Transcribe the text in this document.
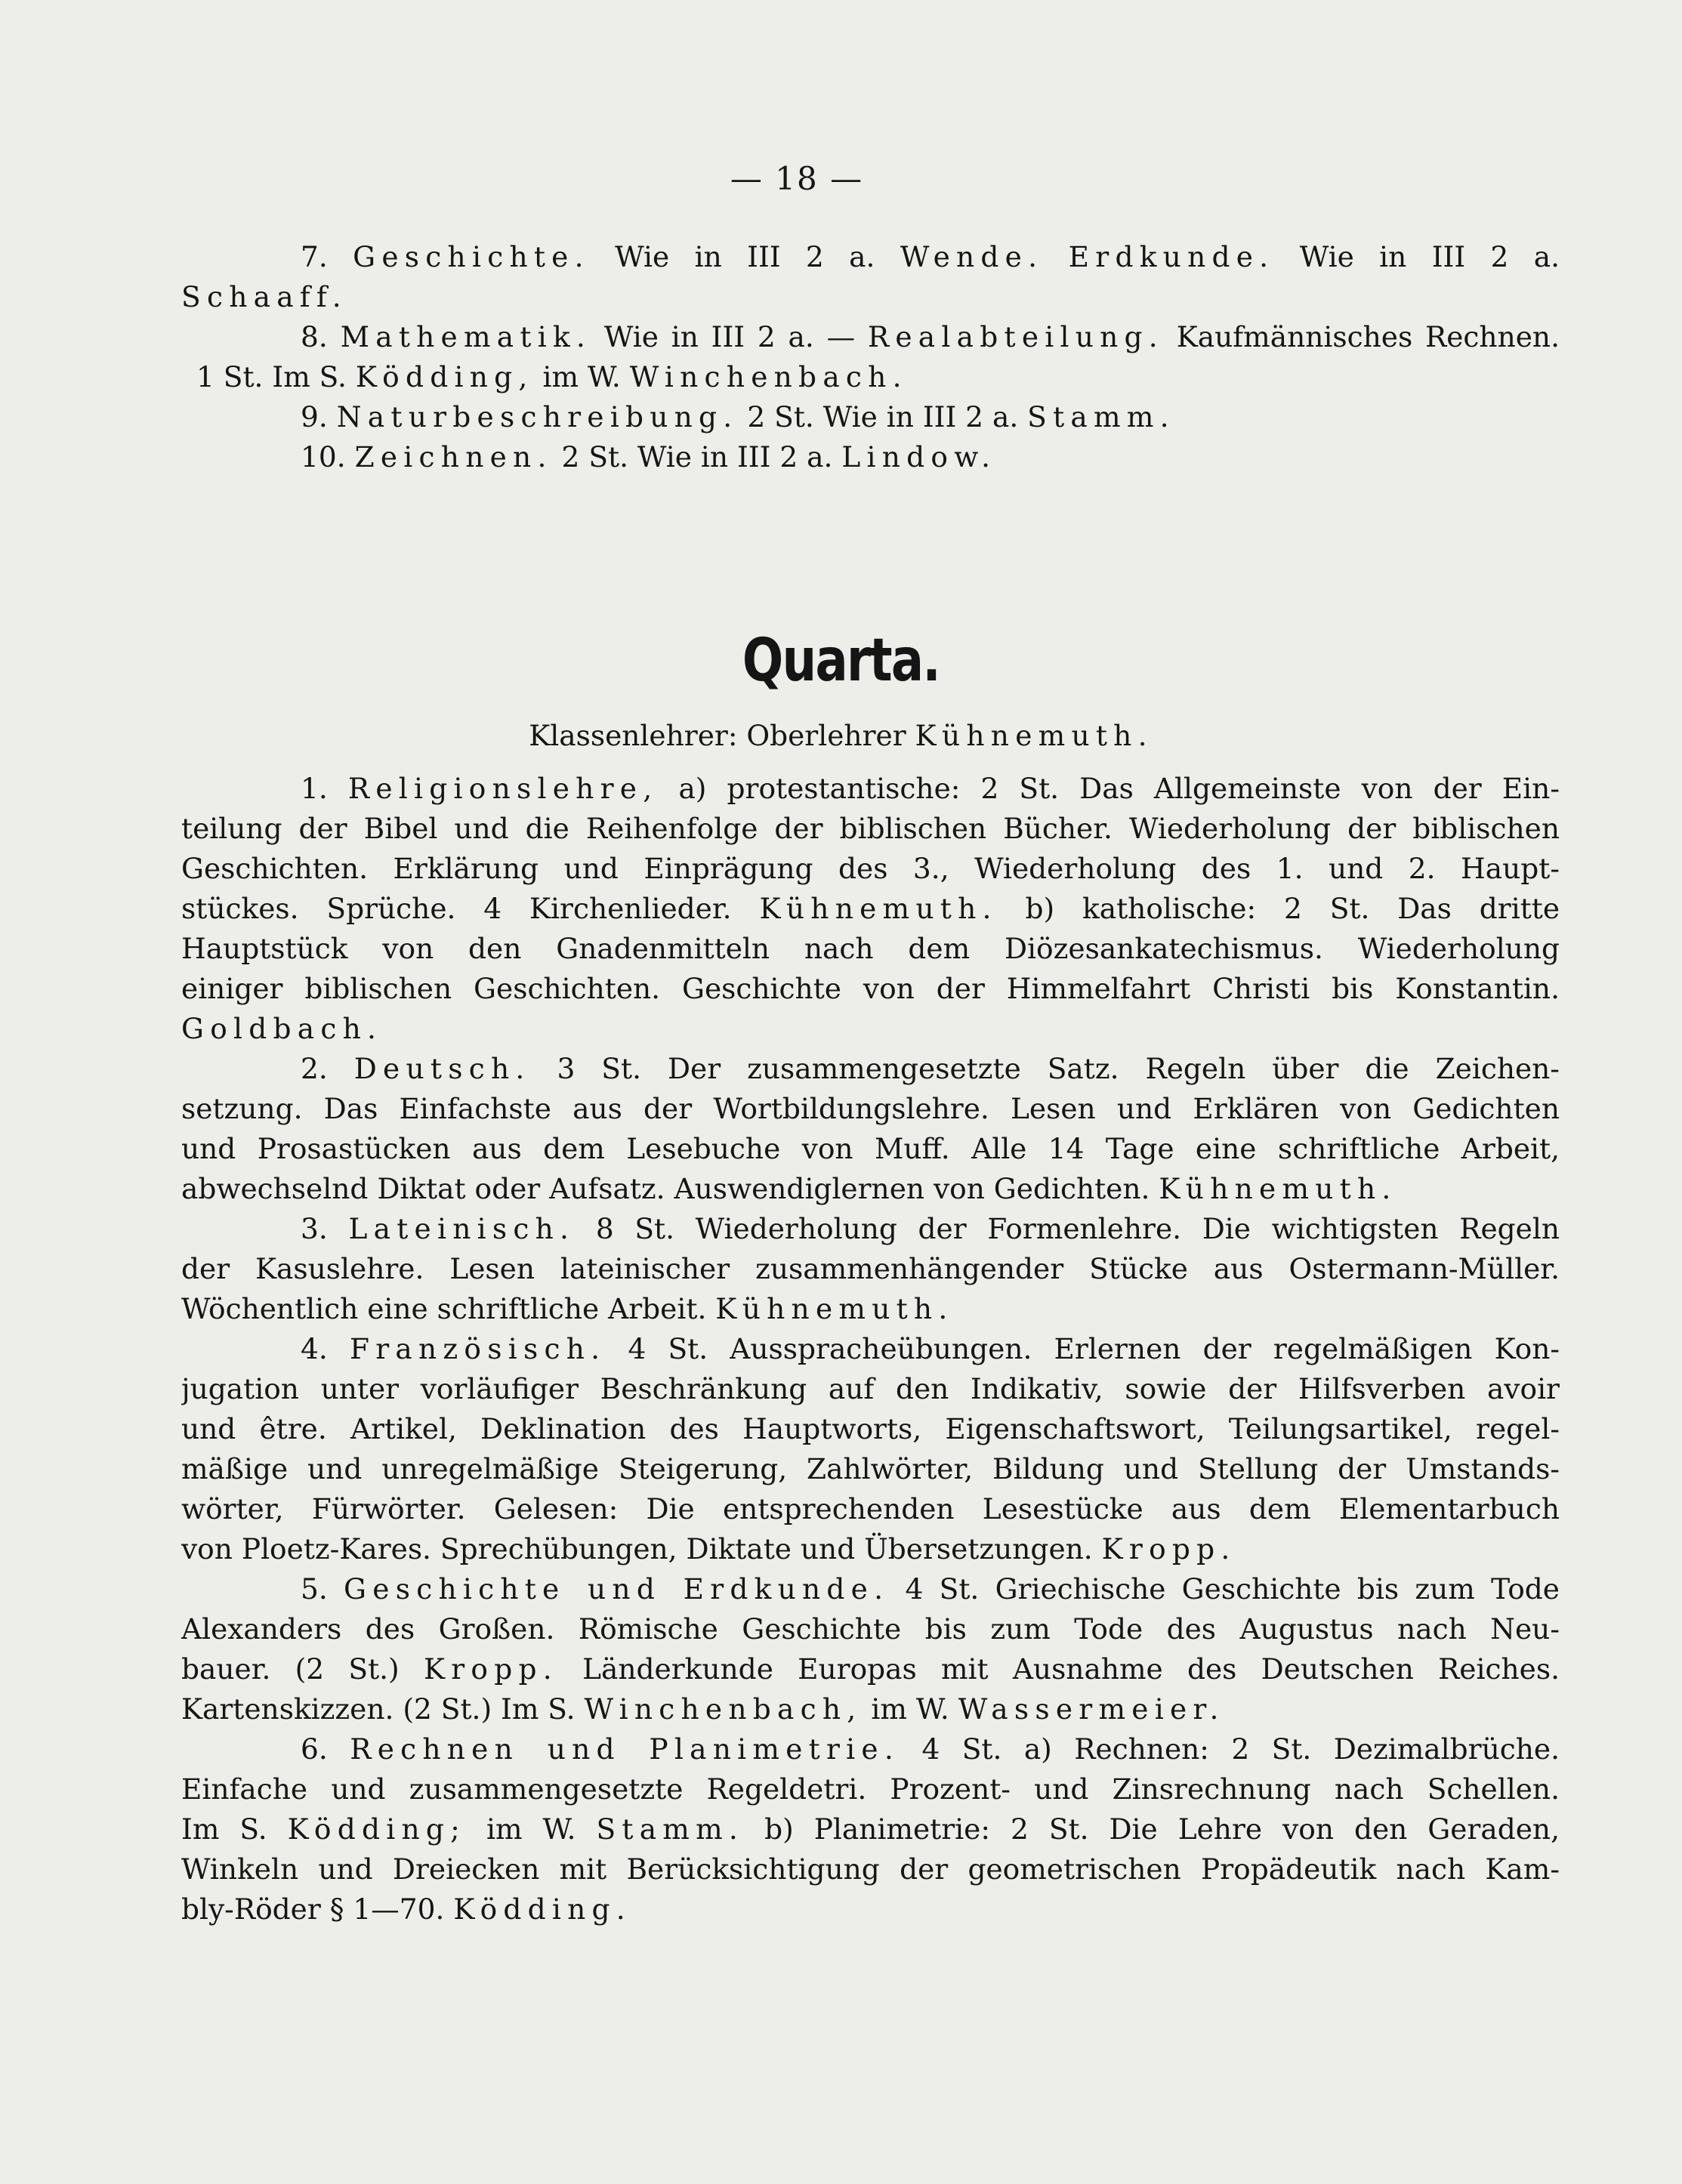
— 18 —
7. Geschichte. Wie in III 2 a. Wende. Erdkunde. Wie in III 2 a.
Schaaff.
8. Mathematik. Wie in III 2 a. — Realabteilung. Kaufmännisches Rechnen.
1 St. Im S. Ködding, im W. Winchenbach.
9. Naturbeschreibung. 2 St. Wie in III 2 a. Stamm.
10. Zeichnen. 2 St. Wie in III 2 a. Lindow.
Quarta.
Klassenlehrer: Oberlehrer Kühnemuth.
1. Religionslehre, a) protestantische: 2 St. Das Allgemeinste von der Ein-
teilung der Bibel und die Reihenfolge der biblischen Bücher. Wiederholung der biblischen
Geschichten. Erklärung und Einprägung des 3., Wiederholung des 1. und 2. Haupt-
stückes. Sprüche. 4 Kirchenlieder. Kühnemuth. b) katholische: 2 St. Das dritte
Hauptstück von den Gnadenmitteln nach dem Diözesankatechismus. Wiederholung
einiger biblischen Geschichten. Geschichte von der Himmelfahrt Christi bis Konstantin.
Goldbach.
2. Deutsch. 3 St. Der zusammengesetzte Satz. Regeln über die Zeichen-
setzung. Das Einfachste aus der Wortbildungslehre. Lesen und Erklären von Gedichten
und Prosastücken aus dem Lesebuche von Muff. Alle 14 Tage eine schriftliche Arbeit,
abwechselnd Diktat oder Aufsatz. Auswendiglernen von Gedichten. Kühnemuth.
3. Lateinisch. 8 St. Wiederholung der Formenlehre. Die wichtigsten Regeln
der Kasuslehre. Lesen lateinischer zusammenhängender Stücke aus Ostermann-Müller.
Wöchentlich eine schriftliche Arbeit. Kühnemuth.
4. Französisch. 4 St. Ausspracheübungen. Erlernen der regelmäßigen Kon-
jugation unter vorläufiger Beschränkung auf den Indikativ, sowie der Hilfsverben avoir
und être. Artikel, Deklination des Hauptworts, Eigenschaftswort, Teilungsartikel, regel-
mäßige und unregelmäßige Steigerung, Zahlwörter, Bildung und Stellung der Umstands-
wörter, Fürwörter. Gelesen: Die entsprechenden Lesestücke aus dem Elementarbuch
von Ploetz-Kares. Sprechübungen, Diktate und Übersetzungen. Kropp.
5. Geschichte und Erdkunde. 4 St. Griechische Geschichte bis zum Tode
Alexanders des Großen. Römische Geschichte bis zum Tode des Augustus nach Neu-
bauer. (2 St.) Kropp. Länderkunde Europas mit Ausnahme des Deutschen Reiches.
Kartenskizzen. (2 St.) Im S. Winchenbach, im W. Wassermeier.
6. Rechnen und Planimetrie. 4 St. a) Rechnen: 2 St. Dezimalbrüche.
Einfache und zusammengesetzte Regeldetri. Prozent- und Zinsrechnung nach Schellen.
Im S. Ködding; im W. Stamm. b) Planimetrie: 2 St. Die Lehre von den Geraden,
Winkeln und Dreiecken mit Berücksichtigung der geometrischen Propädeutik nach Kam-
bly-Röder § 1—70. Ködding.
